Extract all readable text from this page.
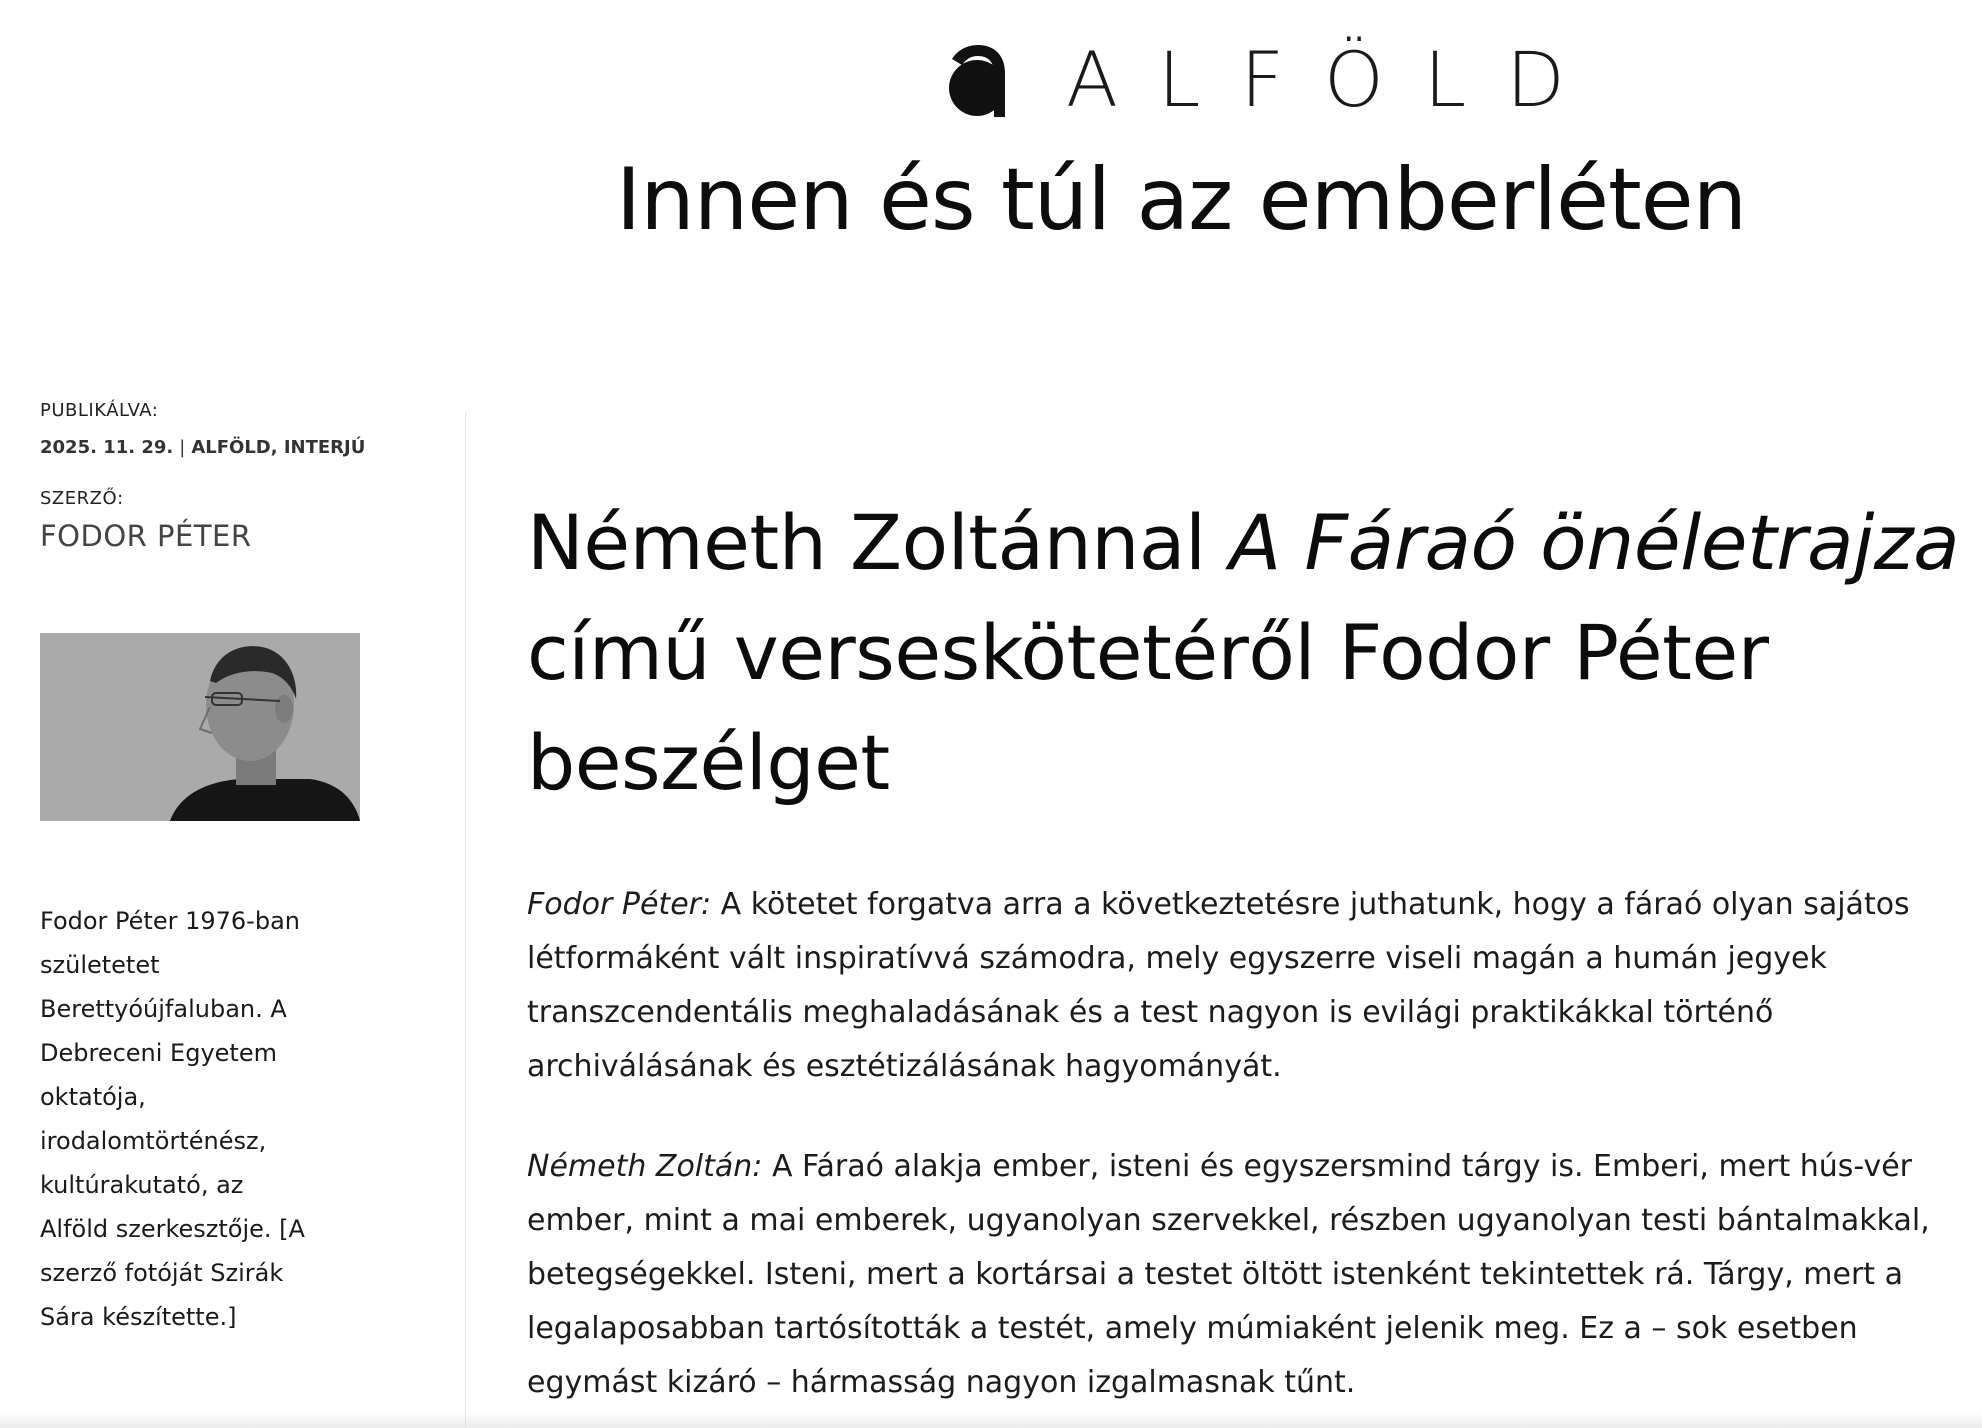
ALFÖLD
Innen és túl az emberléten
PUBLIKÁLVA:
2025. 11. 29. | ALFÖLD, INTERJÚ
SZERZŐ:
FODOR PÉTER

Fodor Péter 1976-ban születetet Berettyóújfaluban. A Debreceni Egyetem oktatója, irodalomtörténész, kultúrakutató, az Alföld szerkesztője. [A szerző fotóját Szirák Sára készítette.]

Németh Zoltánnal A Fáraó önéletrajza című verseskötetéről Fodor Péter beszélget

Fodor Péter: A kötetet forgatva arra a következtetésre juthatunk, hogy a fáraó olyan sajátos létformáként vált inspiratívvá számodra, mely egyszerre viseli magán a humán jegyek transzcendentális meghaladásának és a test nagyon is evilági praktikákkal történő archiválásának és esztétizálásának hagyományát.

Németh Zoltán: A Fáraó alakja ember, isteni és egyszersmind tárgy is. Emberi, mert hús-vér ember, mint a mai emberek, ugyanolyan szervekkel, részben ugyanolyan testi bántalmakkal, betegségekkel. Isteni, mert a kortársai a testet öltött istenként tekintettek rá. Tárgy, mert a legalaposabban tartósították a testét, amely múmiaként jelenik meg. Ez a – sok esetben egymást kizáró – hármasság nagyon izgalmasnak tűnt.
